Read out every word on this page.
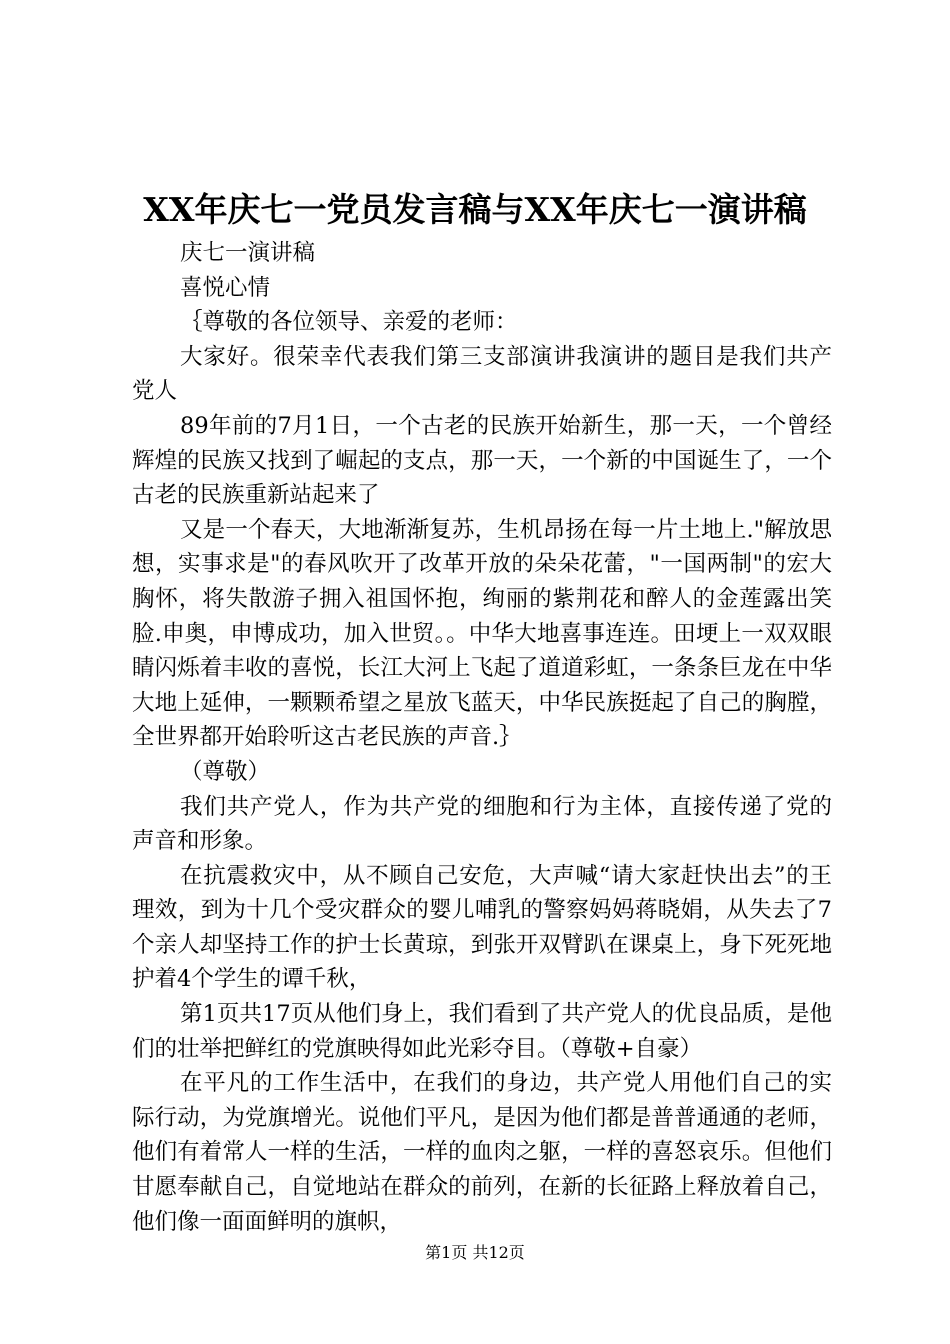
XX年庆七一党员发言稿与XX年庆七一演讲稿

庆七一演讲稿

喜悦心情

｛尊敬的各位领导、亲爱的老师：

大家好。很荣幸代表我们第三支部演讲我演讲的题目是我们共产党人

89年前的7月1日，一个古老的民族开始新生，那一天，一个曾经辉煌的民族又找到了崛起的支点，那一天，一个新的中国诞生了，一个古老的民族重新站起来了

又是一个春天，大地渐渐复苏，生机昂扬在每一片土地上."解放思想，实事求是"的春风吹开了改革开放的朵朵花蕾，"一国两制"的宏大胸怀，将失散游子拥入祖国怀抱，绚丽的紫荆花和醉人的金莲露出笑脸.申奥，申博成功，加入世贸。。中华大地喜事连连。田埂上一双双眼睛闪烁着丰收的喜悦，长江大河上飞起了道道彩虹，一条条巨龙在中华大地上延伸，一颗颗希望之星放飞蓝天，中华民族挺起了自己的胸膛，全世界都开始聆听这古老民族的声音.｝

（尊敬）

我们共产党人，作为共产党的细胞和行为主体，直接传递了党的声音和形象。

在抗震救灾中，从不顾自己安危，大声喊“请大家赶快出去”的王理效，到为十几个受灾群众的婴儿哺乳的警察妈妈蒋晓娟，从失去了7个亲人却坚持工作的护士长黄琼，到张开双臂趴在课桌上，身下死死地护着4个学生的谭千秋，

第1页共17页从他们身上，我们看到了共产党人的优良品质，是他们的壮举把鲜红的党旗映得如此光彩夺目。（尊敬+自豪）

在平凡的工作生活中，在我们的身边，共产党人用他们自己的实际行动，为党旗增光。说他们平凡，是因为他们都是普普通通的老师，他们有着常人一样的生活，一样的血肉之躯，一样的喜怒哀乐。但他们甘愿奉献自己，自觉地站在群众的前列，在新的长征路上释放着自己，他们像一面面鲜明的旗帜，

第1页 共12页
